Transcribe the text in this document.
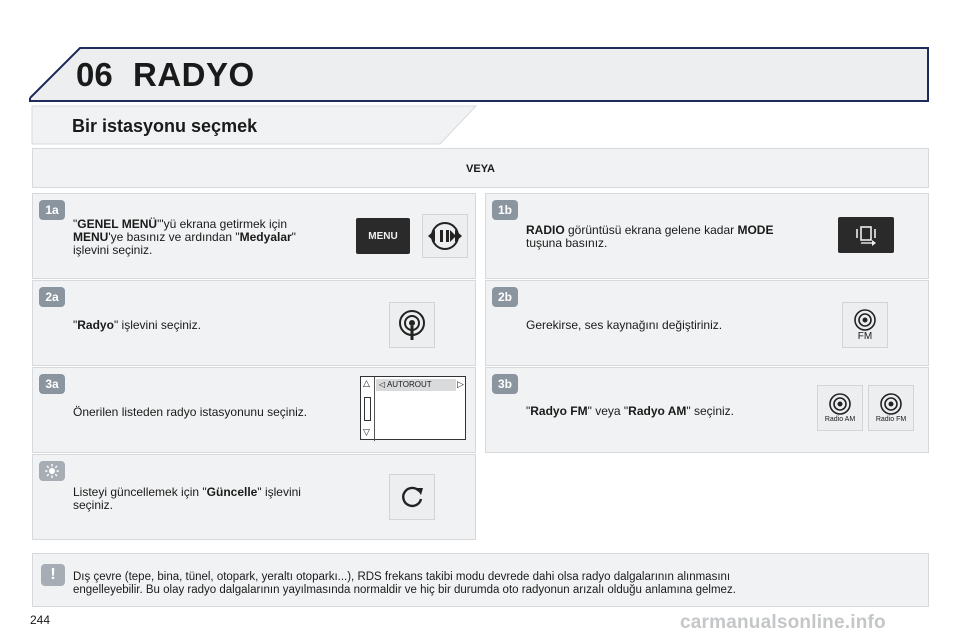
06 RADYO
Bir istasyonu seçmek
VEYA
1a
"GENEL MENÜ"'yü ekrana getirmek için
MENU'ye basınız ve ardından "Medyalar"
işlevini seçiniz.
MENU
2a
"Radyo" işlevini seçiniz.
3a
Önerilen listeden radyo istasyonunu seçiniz.
△
▽
◁ AUTOROUT	▷
Listeyi güncellemek için "Güncelle" işlevini
seçiniz.
1b
RADIO görüntüsü ekrana gelene kadar MODE
tuşuna basınız.
2b
Gerekirse, ses kaynağını değiştiriniz.
FM
3b
"Radyo FM" veya "Radyo AM" seçiniz.
Radio AM	Radio FM
!	Dış çevre (tepe, bina, tünel, otopark, yeraltı otoparkı...), RDS frekans takibi modu devrede dahi olsa radyo dalgalarının alınmasını
engelleyebilir. Bu olay radyo dalgalarının yayılmasında normaldir ve hiç bir durumda oto radyonun arızalı olduğu anlamına gelmez.
244	carmanualsonline.info
